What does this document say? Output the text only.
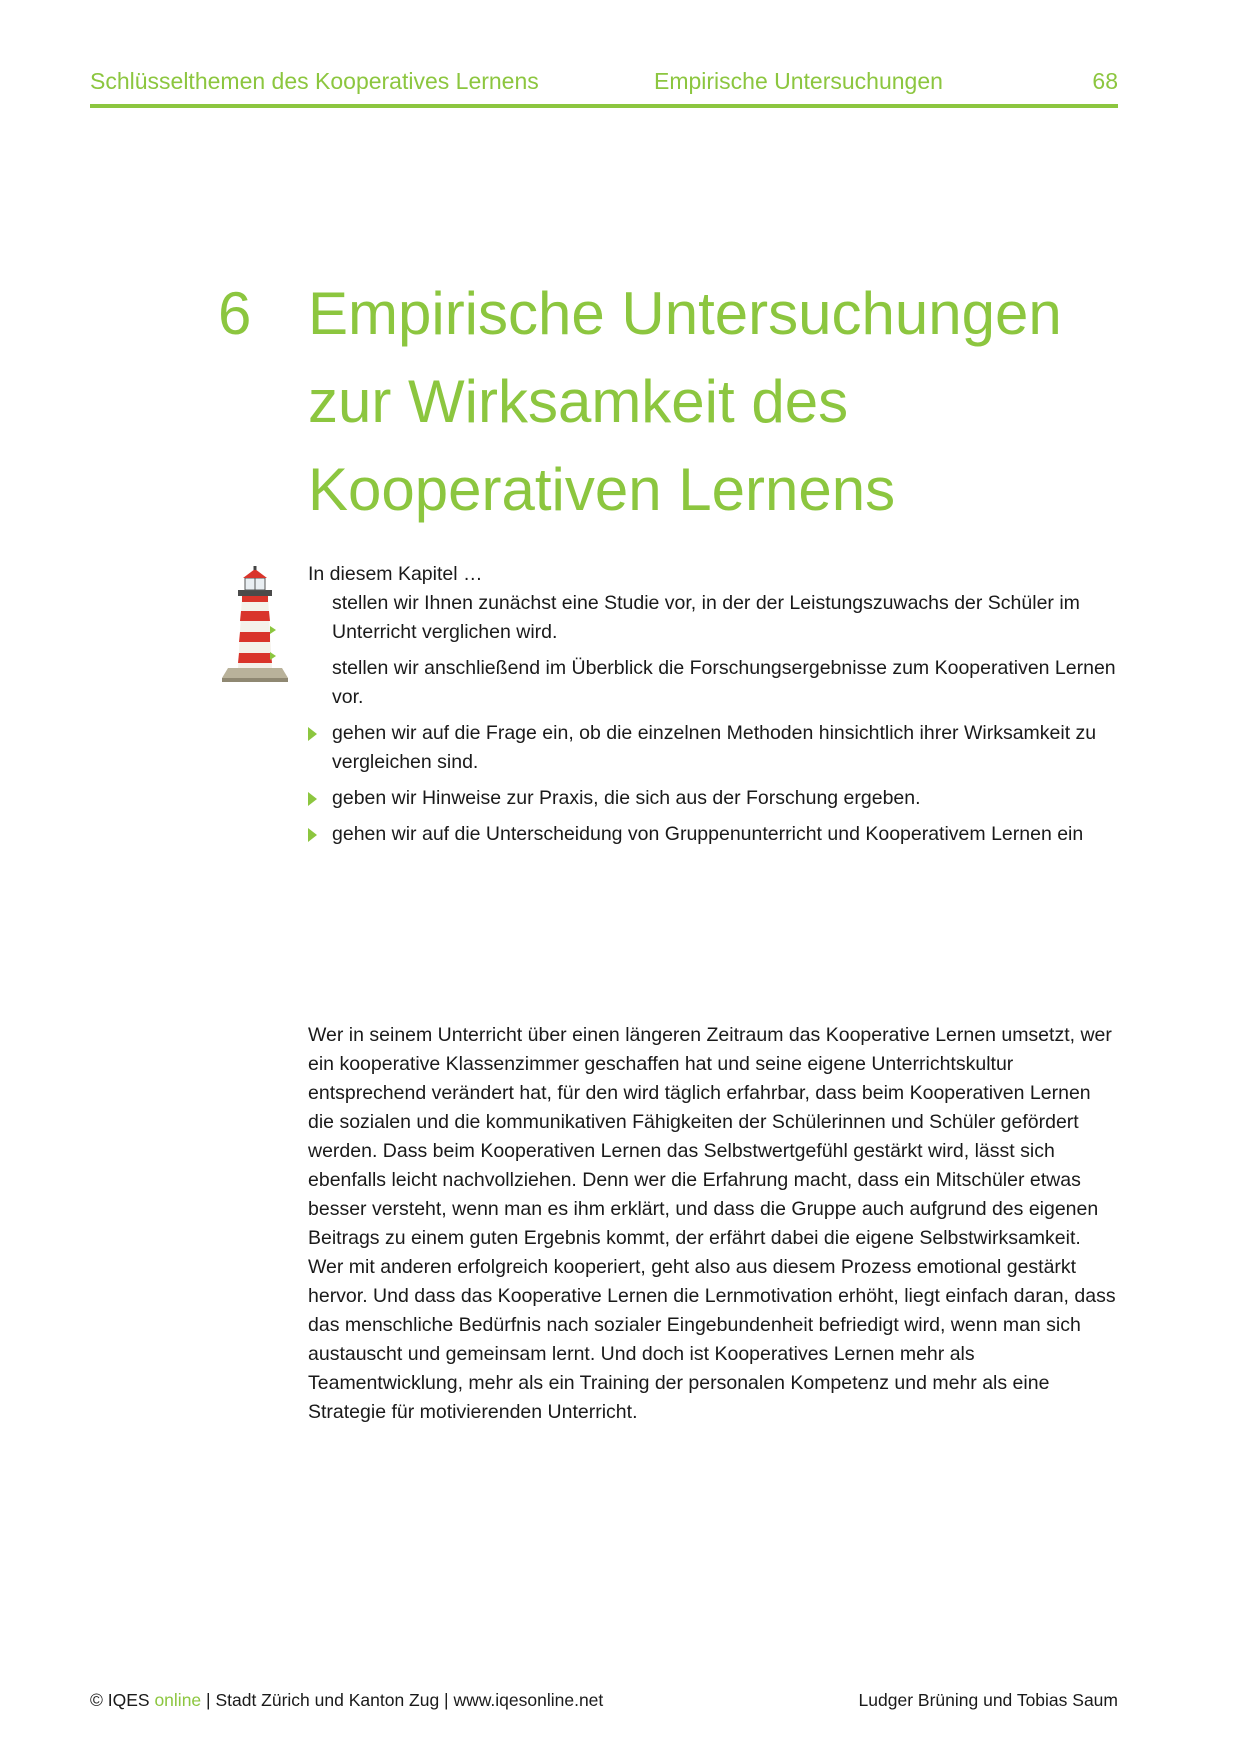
Schlüsselthemen des Kooperatives Lernens	Empirische Untersuchungen	68
6 Empirische Untersuchungen
zur Wirksamkeit des
Kooperativen Lernens
In diesem Kapitel …
stellen wir Ihnen zunächst eine Studie vor, in der der Leistungszuwachs der Schüler im Unterricht verglichen wird.
stellen wir anschließend im Überblick die Forschungsergebnisse zum Kooperativen Lernen vor.
gehen wir auf die Frage ein, ob die einzelnen Methoden hinsichtlich ihrer Wirksamkeit zu vergleichen sind.
geben wir Hinweise zur Praxis, die sich aus der Forschung ergeben.
gehen wir auf die Unterscheidung von Gruppenunterricht und Kooperativem Lernen ein

Wer in seinem Unterricht über einen längeren Zeitraum das Kooperative Lernen umsetzt, wer ein kooperative Klassenzimmer geschaffen hat und seine eigene Unterrichtskultur entsprechend verändert hat, für den wird täglich erfahrbar, dass beim Kooperativen Lernen die sozialen und die kommunikativen Fähigkeiten der Schülerinnen und Schüler gefördert werden. Dass beim Kooperativen Lernen das Selbstwertgefühl gestärkt wird, lässt sich ebenfalls leicht nachvollziehen. Denn wer die Erfahrung macht, dass ein Mitschüler etwas besser versteht, wenn man es ihm erklärt, und dass die Gruppe auch aufgrund des eigenen Beitrags zu einem guten Ergebnis kommt, der erfährt dabei die eigene Selbstwirksamkeit. Wer mit anderen erfolgreich kooperiert, geht also aus diesem Prozess emotional gestärkt hervor. Und dass das Kooperative Lernen die Lernmotivation erhöht, liegt einfach daran, dass das menschliche Bedürfnis nach sozialer Eingebundenheit befriedigt wird, wenn man sich austauscht und gemeinsam lernt. Und doch ist Kooperatives Lernen mehr als Teamentwicklung, mehr als ein Training der personalen Kompetenz und mehr als eine Strategie für motivierenden Unterricht.

© IQES online | Stadt Zürich und Kanton Zug | www.iqesonline.net	Ludger Brüning und Tobias Saum
